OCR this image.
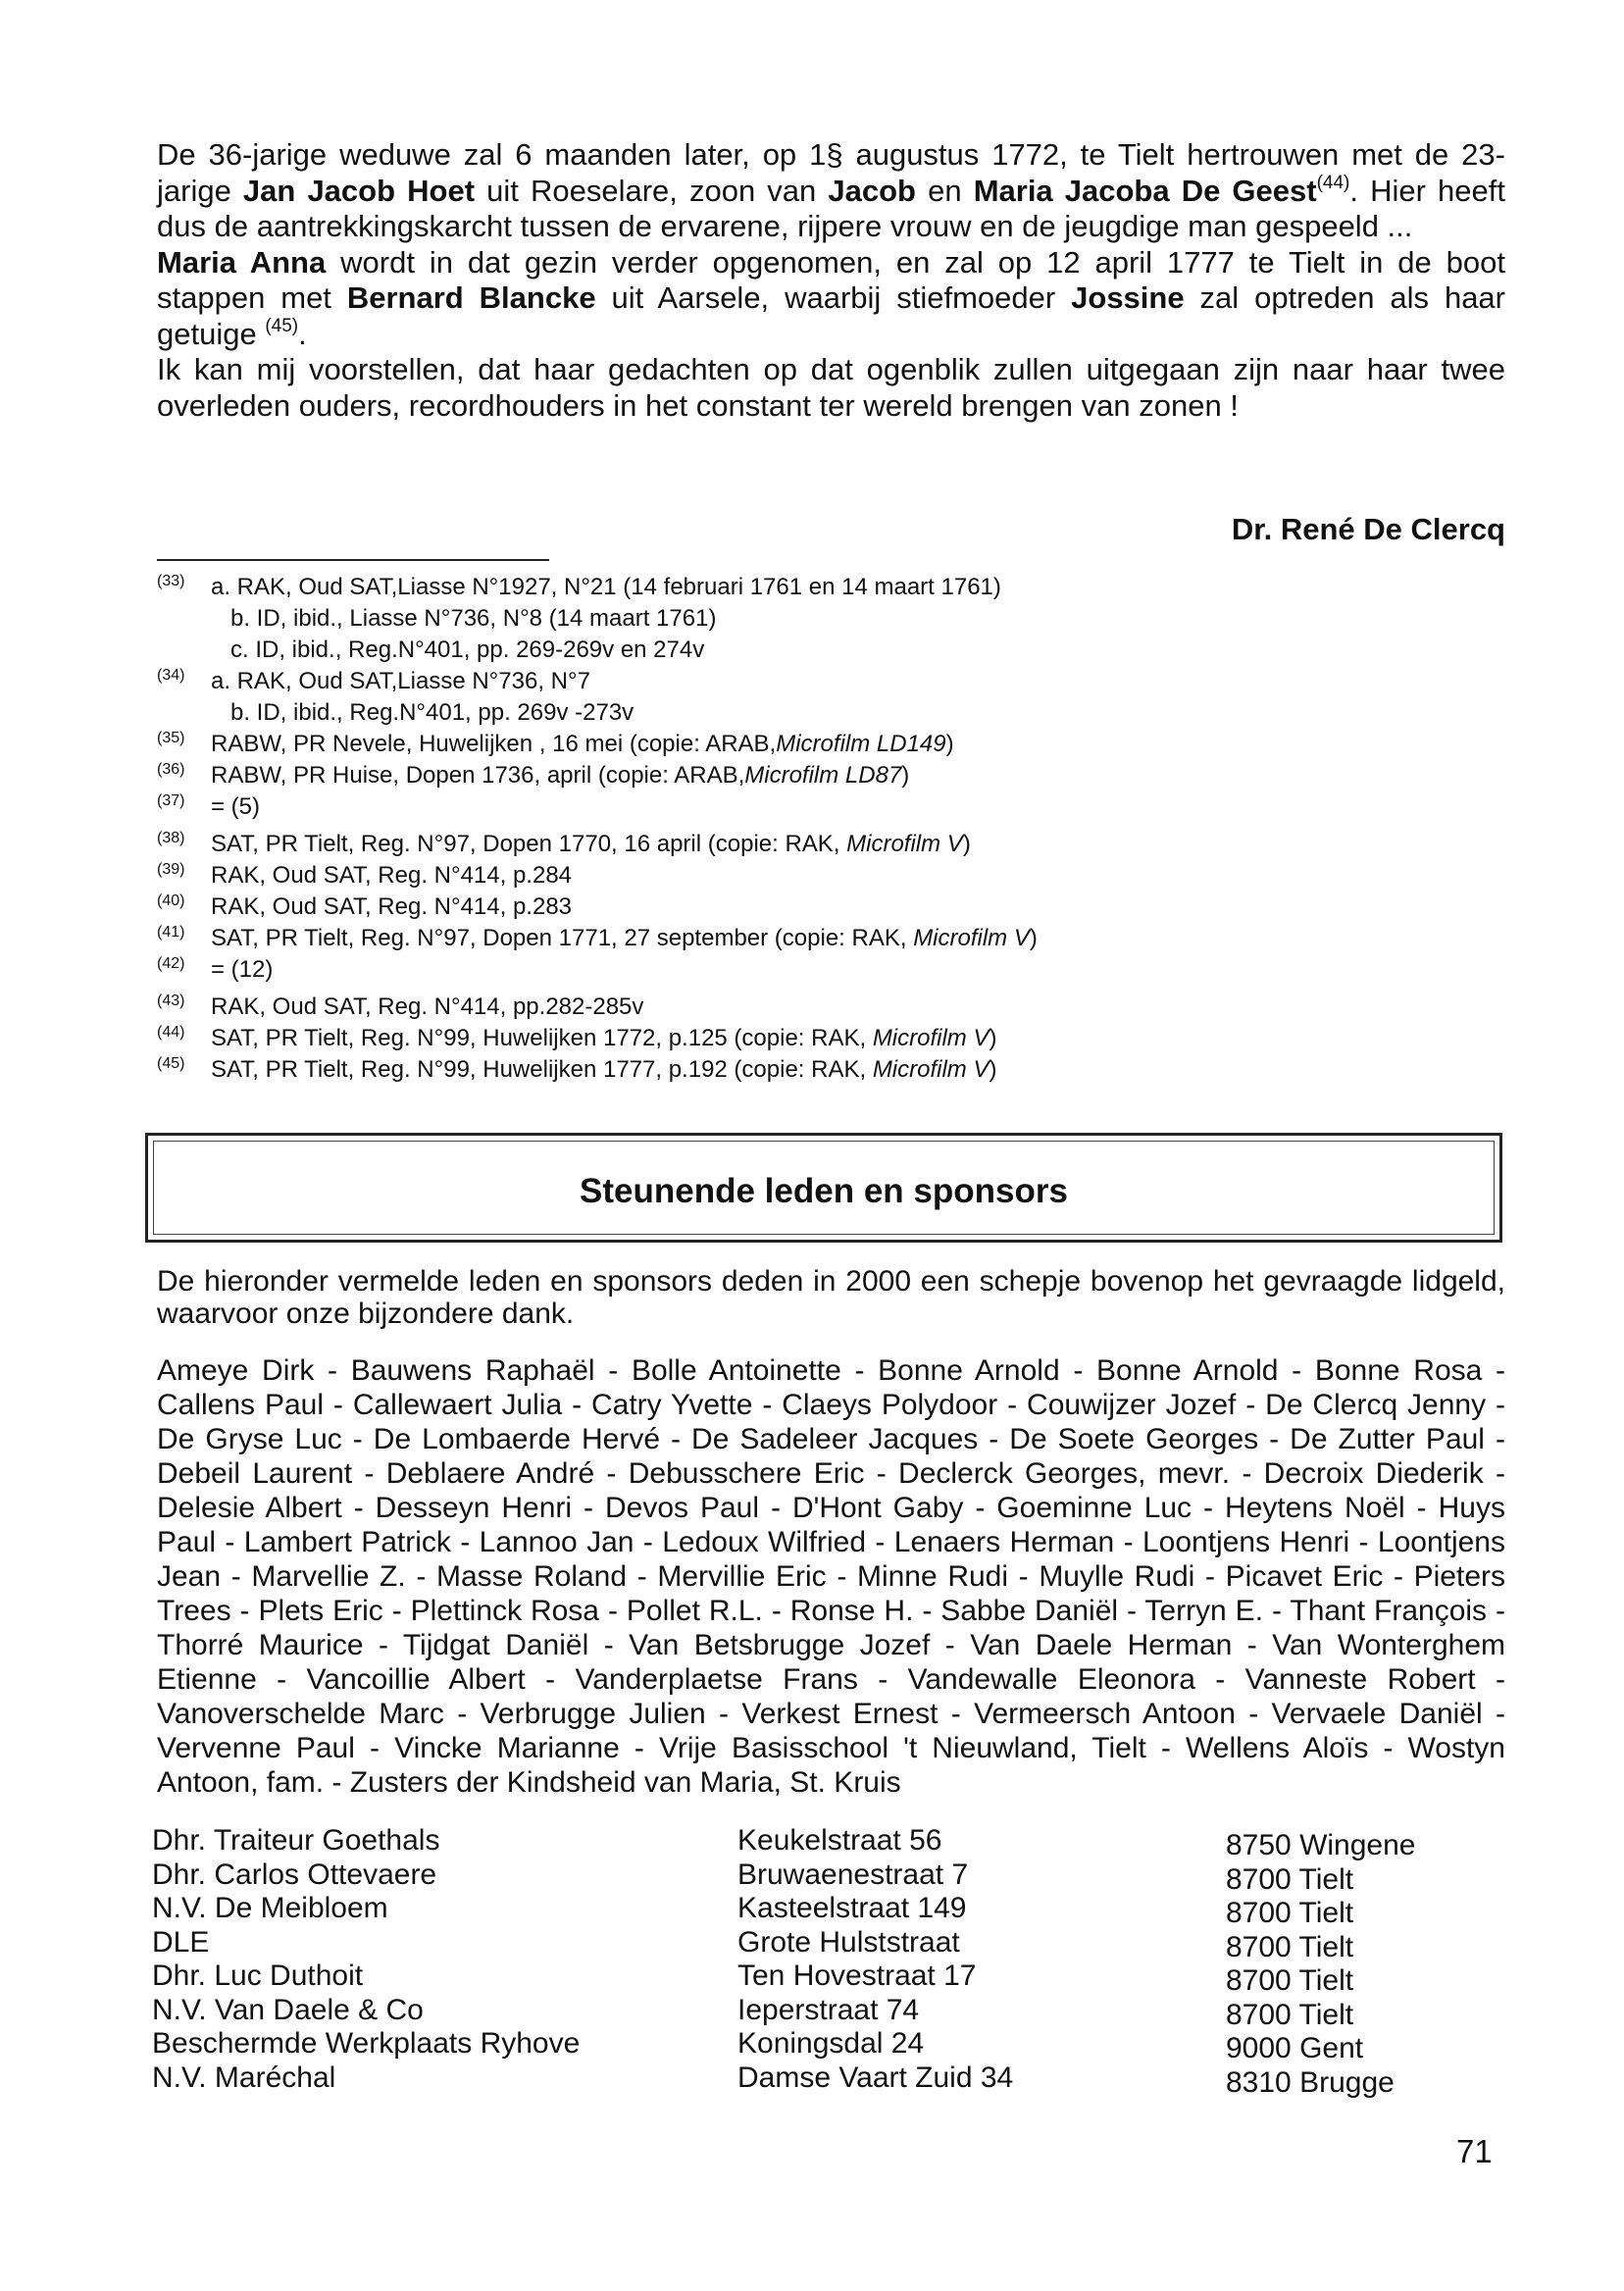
De 36-jarige weduwe zal 6 maanden later, op 1§ augustus 1772, te Tielt hertrouwen met de 23-jarige Jan Jacob Hoet uit Roeselare, zoon van Jacob en Maria Jacoba De Geest$^{(44)}$. Hier heeft dus de aantrekkingskarcht tussen de ervarene, rijpere vrouw en de jeugdige man gespeeld ...

Maria Anna wordt in dat gezin verder opgenomen, en zal op 12 april 1777 te Tielt in de boot stappen met Bernard Blancke uit Aarsele, waarbij stiefmoeder Jossine zal optreden als haar getuige $^{(45)}$.

Ik kan mij voorstellen, dat haar gedachten op dat ogenblik zullen uitgegaan zijn naar haar twee overleden ouders, recordhouders in het constant ter wereld brengen van zonen !

Dr. René De Clercq
(33) a. RAK, Oud SAT,Liasse N°1927, N°21 (14 februari 1761 en 14 maart 1761)
b. ID, ibid., Liasse N°736, N°8 (14 maart 1761)
c. ID, ibid., Reg.N°401, pp. 269-269v en 274v
(34) a. RAK, Oud SAT,Liasse N°736, N°7
b. ID, ibid., Reg.N°401, pp. 269v -273v
(35) RABW, PR Nevele, Huwelijken , 16 mei (copie: ARAB,Microfilm LD149)
(36) RABW, PR Huise, Dopen 1736, april (copie: ARAB,Microfilm LD87)
(37) = (5)
(38) SAT, PR Tielt, Reg. N°97, Dopen 1770, 16 april (copie: RAK, Microfilm V)
(39) RAK, Oud SAT, Reg. N°414, p.284
(40) RAK, Oud SAT, Reg. N°414, p.283
(41) SAT, PR Tielt, Reg. N°97, Dopen 1771, 27 september (copie: RAK, Microfilm V)
(42) = (12)
(43) RAK, Oud SAT, Reg. N°414, pp.282-285v
(44) SAT, PR Tielt, Reg. N°99, Huwelijken 1772, p.125 (copie: RAK, Microfilm V)
(45) SAT, PR Tielt, Reg. N°99, Huwelijken 1777, p.192 (copie: RAK, Microfilm V)
Steunende leden en sponsors

De hieronder vermelde leden en sponsors deden in 2000 een schepje bovenop het gevraagde lidgeld, waarvoor onze bijzondere dank.

Ameye Dirk - Bauwens Raphaël - Bolle Antoinette - Bonne Arnold - Bonne Arnold - Bonne Rosa - Callens Paul - Callewaert Julia - Catry Yvette - Claeys Polydoor - Couwijzer Jozef - De Clercq Jenny - De Gryse Luc - De Lombaerde Hervé - De Sadeleer Jacques - De Soete Georges - De Zutter Paul - Debeil Laurent - Deblaere André - Debusschere Eric - Declerck Georges, mevr. - Decroix Diederik - Delesie Albert - Desseyn Henri - Devos Paul - D'Hont Gaby - Goeminne Luc - Heytens Noël - Huys Paul - Lambert Patrick - Lannoo Jan - Ledoux Wilfried - Lenaers Herman - Loontjens Henri - Loontjens Jean - Marvellie Z. - Masse Roland - Mervillie Eric - Minne Rudi - Muylle Rudi - Picavet Eric - Pieters Trees - Plets Eric - Plettinck Rosa - Pollet R.L. - Ronse H. - Sabbe Daniël - Terryn E. - Thant François - Thorré Maurice - Tijdgat Daniël - Van Betsbrugge Jozef - Van Daele Herman - Van Wonterghem Etienne - Vancoillie Albert - Vanderplaetse Frans - Vandewalle Eleonora - Vanneste Robert - Vanoverschelde Marc - Verbrugge Julien - Verkest Ernest - Vermeersch Antoon - Vervaele Daniël - Vervenne Paul - Vincke Marianne - Vrije Basisschool 't Nieuwland, Tielt - Wellens Aloïs - Wostyn Antoon, fam. - Zusters der Kindsheid van Maria, St. Kruis

Dhr. Traiteur Goethals
Dhr. Carlos Ottevaere
N.V. De Meibloem
DLE
Dhr. Luc Duthoit
N.V. Van Daele & Co
Beschermde Werkplaats Ryhove
N.V. Maréchal
Keukelstraat 56
Bruwaenestraat 7
Kasteelstraat 149
Grote Hulststraat
Ten Hovestraat 17
Ieperstraat 74
Koningsdal 24
Damse Vaart Zuid 34
8750 Wingene
8700 Tielt
8700 Tielt
8700 Tielt
8700 Tielt
8700 Tielt
9000 Gent
8310 Brugge
71
